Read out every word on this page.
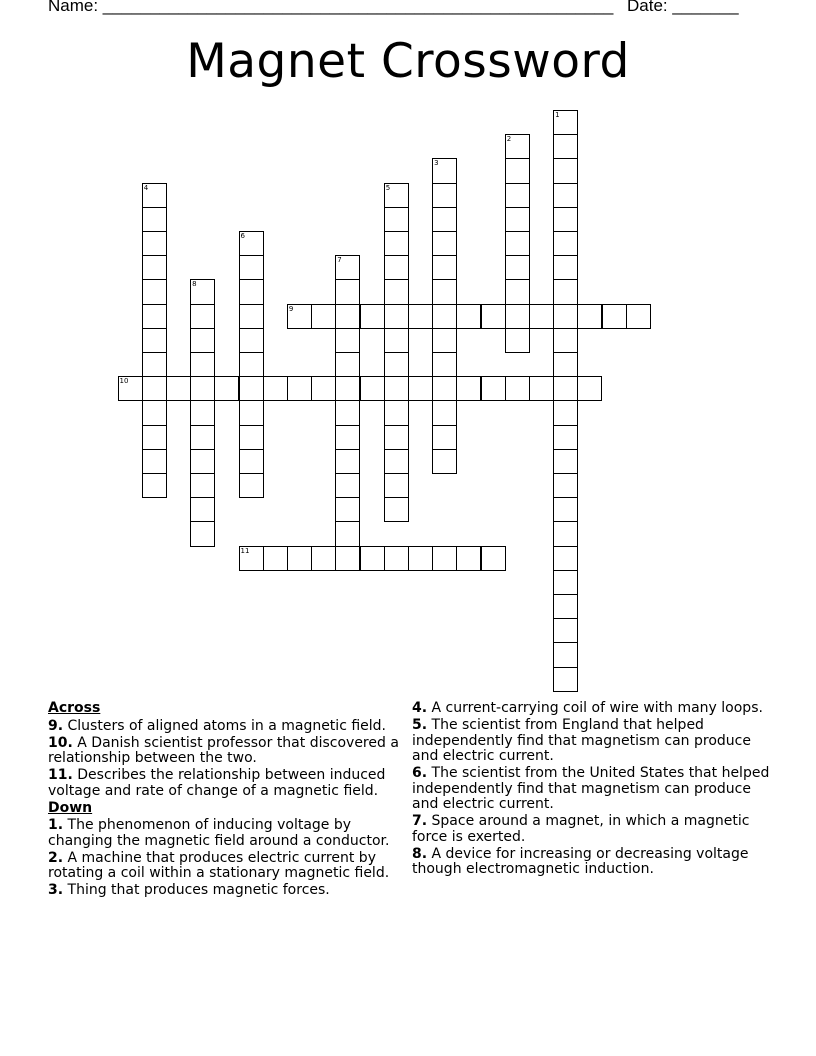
Name: ______________________________________________________ Date: _______
Magnet Crossword
1
2
3
4	5
6
7
8
9
10
11
Across
9. Clusters of aligned atoms in a magnetic field.
10. A Danish scientist professor that discovered a relationship between the two.
11. Describes the relationship between induced voltage and rate of change of a magnetic field.
Down
1. The phenomenon of inducing voltage by changing the magnetic field around a conductor.
2. A machine that produces electric current by rotating a coil within a stationary magnetic field.
3. Thing that produces magnetic forces.
4. A current-carrying coil of wire with many loops.
5. The scientist from England that helped independently find that magnetism can produce and electric current.
6. The scientist from the United States that helped independently find that magnetism can produce and electric current.
7. Space around a magnet, in which a magnetic force is exerted.
8. A device for increasing or decreasing voltage though electromagnetic induction.
